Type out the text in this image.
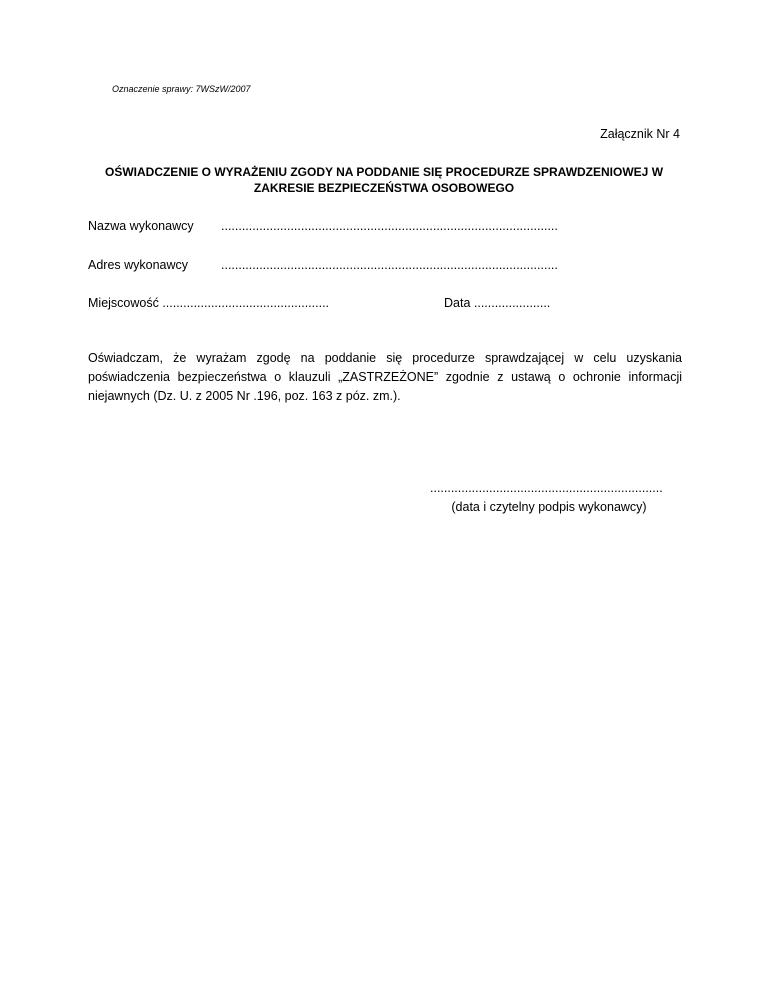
Oznaczenie sprawy: 7WSzW/2007
Załącznik Nr 4
OŚWIADCZENIE O WYRAŻENIU ZGODY NA PODDANIE SIĘ PROCEDURZE SPRAWDZENIOWEJ W
ZAKRESIE BEZPIECZEŃSTWA OSOBOWEGO
Nazwa wykonawcy .................................................................................................
Adres wykonawcy	.................................................................................................
Miejscowość ................................................	Data ......................
Oświadczam, że wyrażam zgodę na poddanie się procedurze sprawdzającej w celu uzyskania poświadczenia bezpieczeństwa o klauzuli „ZASTRZEŻONE” zgodnie z ustawą o ochronie informacji niejawnych (Dz. U. z 2005 Nr .196, poz. 163 z póz. zm.).
...................................................................
(data i czytelny podpis wykonawcy)
